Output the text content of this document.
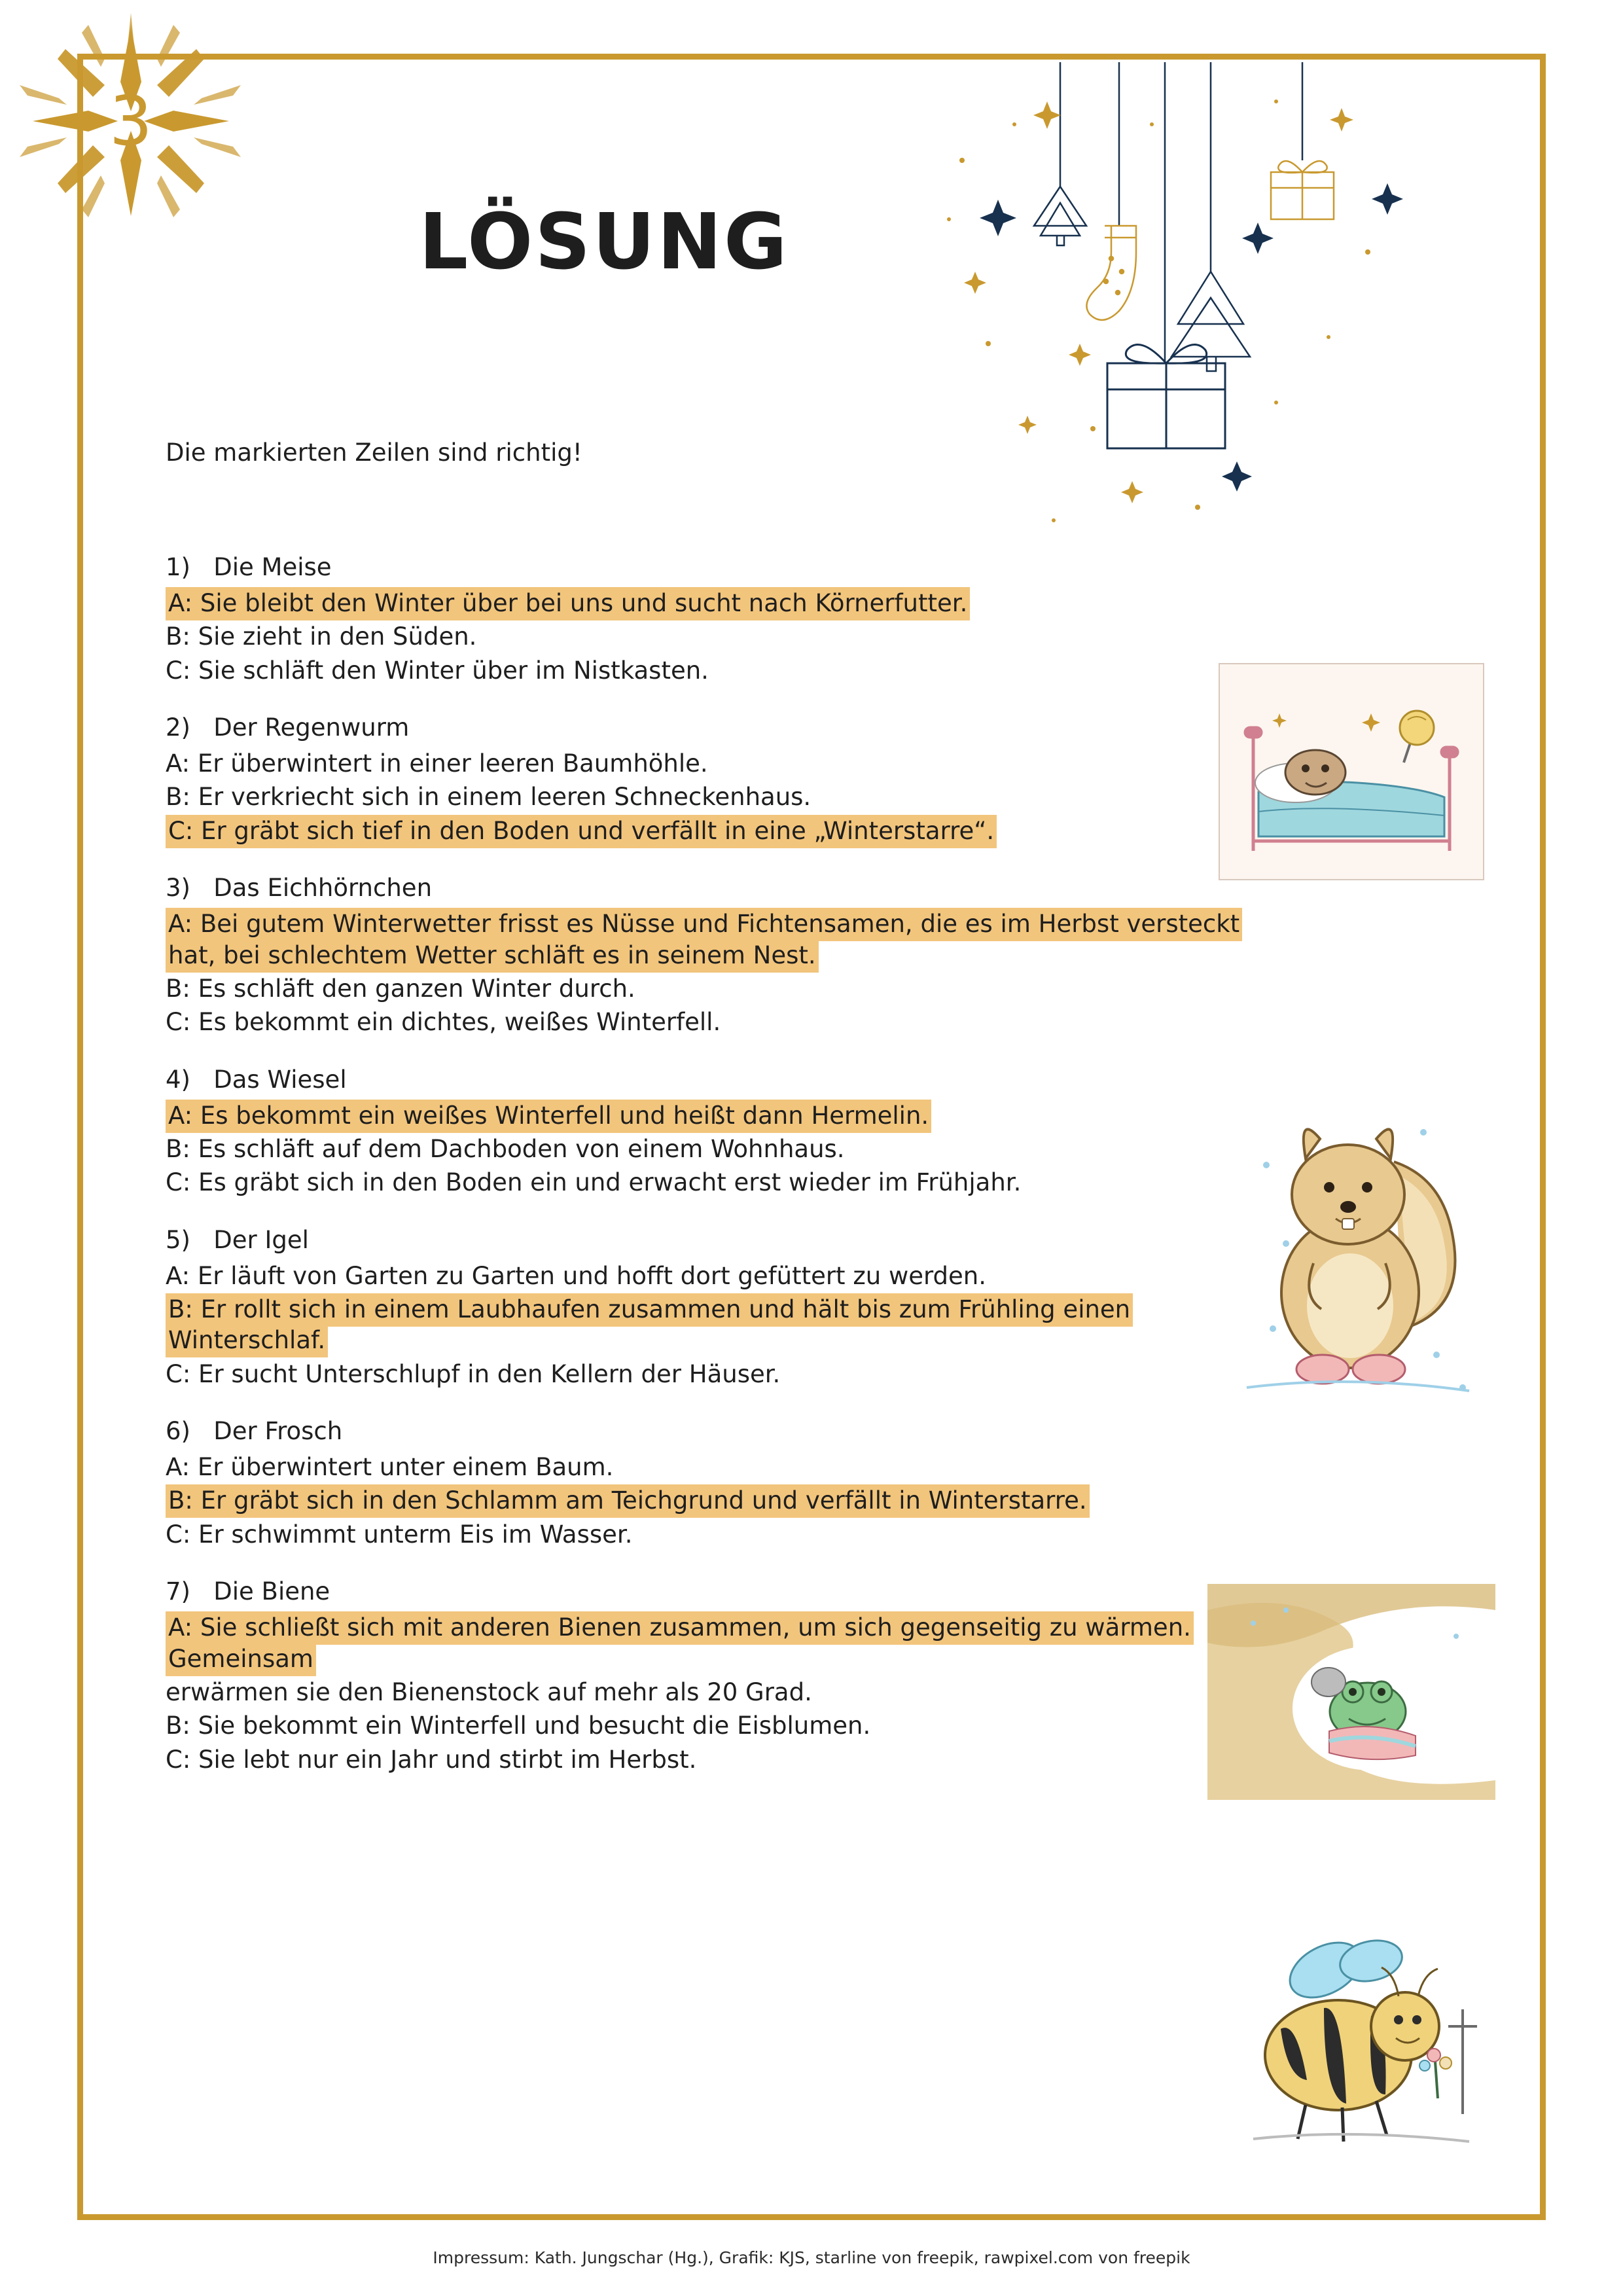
3
LÖSUNG
Die markierten Zeilen sind richtig!
1)   Die Meise
A: Sie bleibt den Winter über bei uns und sucht nach Körnerfutter.
B: Sie zieht in den Süden.
C: Sie schläft den Winter über im Nistkasten.
2)   Der Regenwurm
A: Er überwintert in einer leeren Baumhöhle.
B: Er verkriecht sich in einem leeren Schneckenhaus.
C: Er gräbt sich tief in den Boden und verfällt in eine „Winterstarre“.
3)   Das Eichhörnchen
A: Bei gutem Winterwetter frisst es Nüsse und Fichtensamen, die es im Herbst versteckt hat, bei schlechtem Wetter schläft es in seinem Nest.
B: Es schläft den ganzen Winter durch.
C: Es bekommt ein dichtes, weißes Winterfell.
4)   Das Wiesel
A: Es bekommt ein weißes Winterfell und heißt dann Hermelin.
B: Es schläft auf dem Dachboden von einem Wohnhaus.
C: Es gräbt sich in den Boden ein und erwacht erst wieder im Frühjahr.
5)   Der Igel
A: Er läuft von Garten zu Garten und hofft dort gefüttert zu werden.
B: Er rollt sich in einem Laubhaufen zusammen und hält bis zum Frühling einen Winterschlaf.
C: Er sucht Unterschlupf in den Kellern der Häuser.
6)   Der Frosch
A: Er überwintert unter einem Baum.
B: Er gräbt sich in den Schlamm am Teichgrund und verfällt in Winterstarre.
C: Er schwimmt unterm Eis im Wasser.
7)   Die Biene
A: Sie schließt sich mit anderen Bienen zusammen, um sich gegenseitig zu wärmen. Gemeinsam
erwärmen sie den Bienenstock auf mehr als 20 Grad.
B: Sie bekommt ein Winterfell und besucht die Eisblumen.
C: Sie lebt nur ein Jahr und stirbt im Herbst.
Impressum: Kath. Jungschar (Hg.), Grafik: KJS, starline von freepik, rawpixel.com von freepik
